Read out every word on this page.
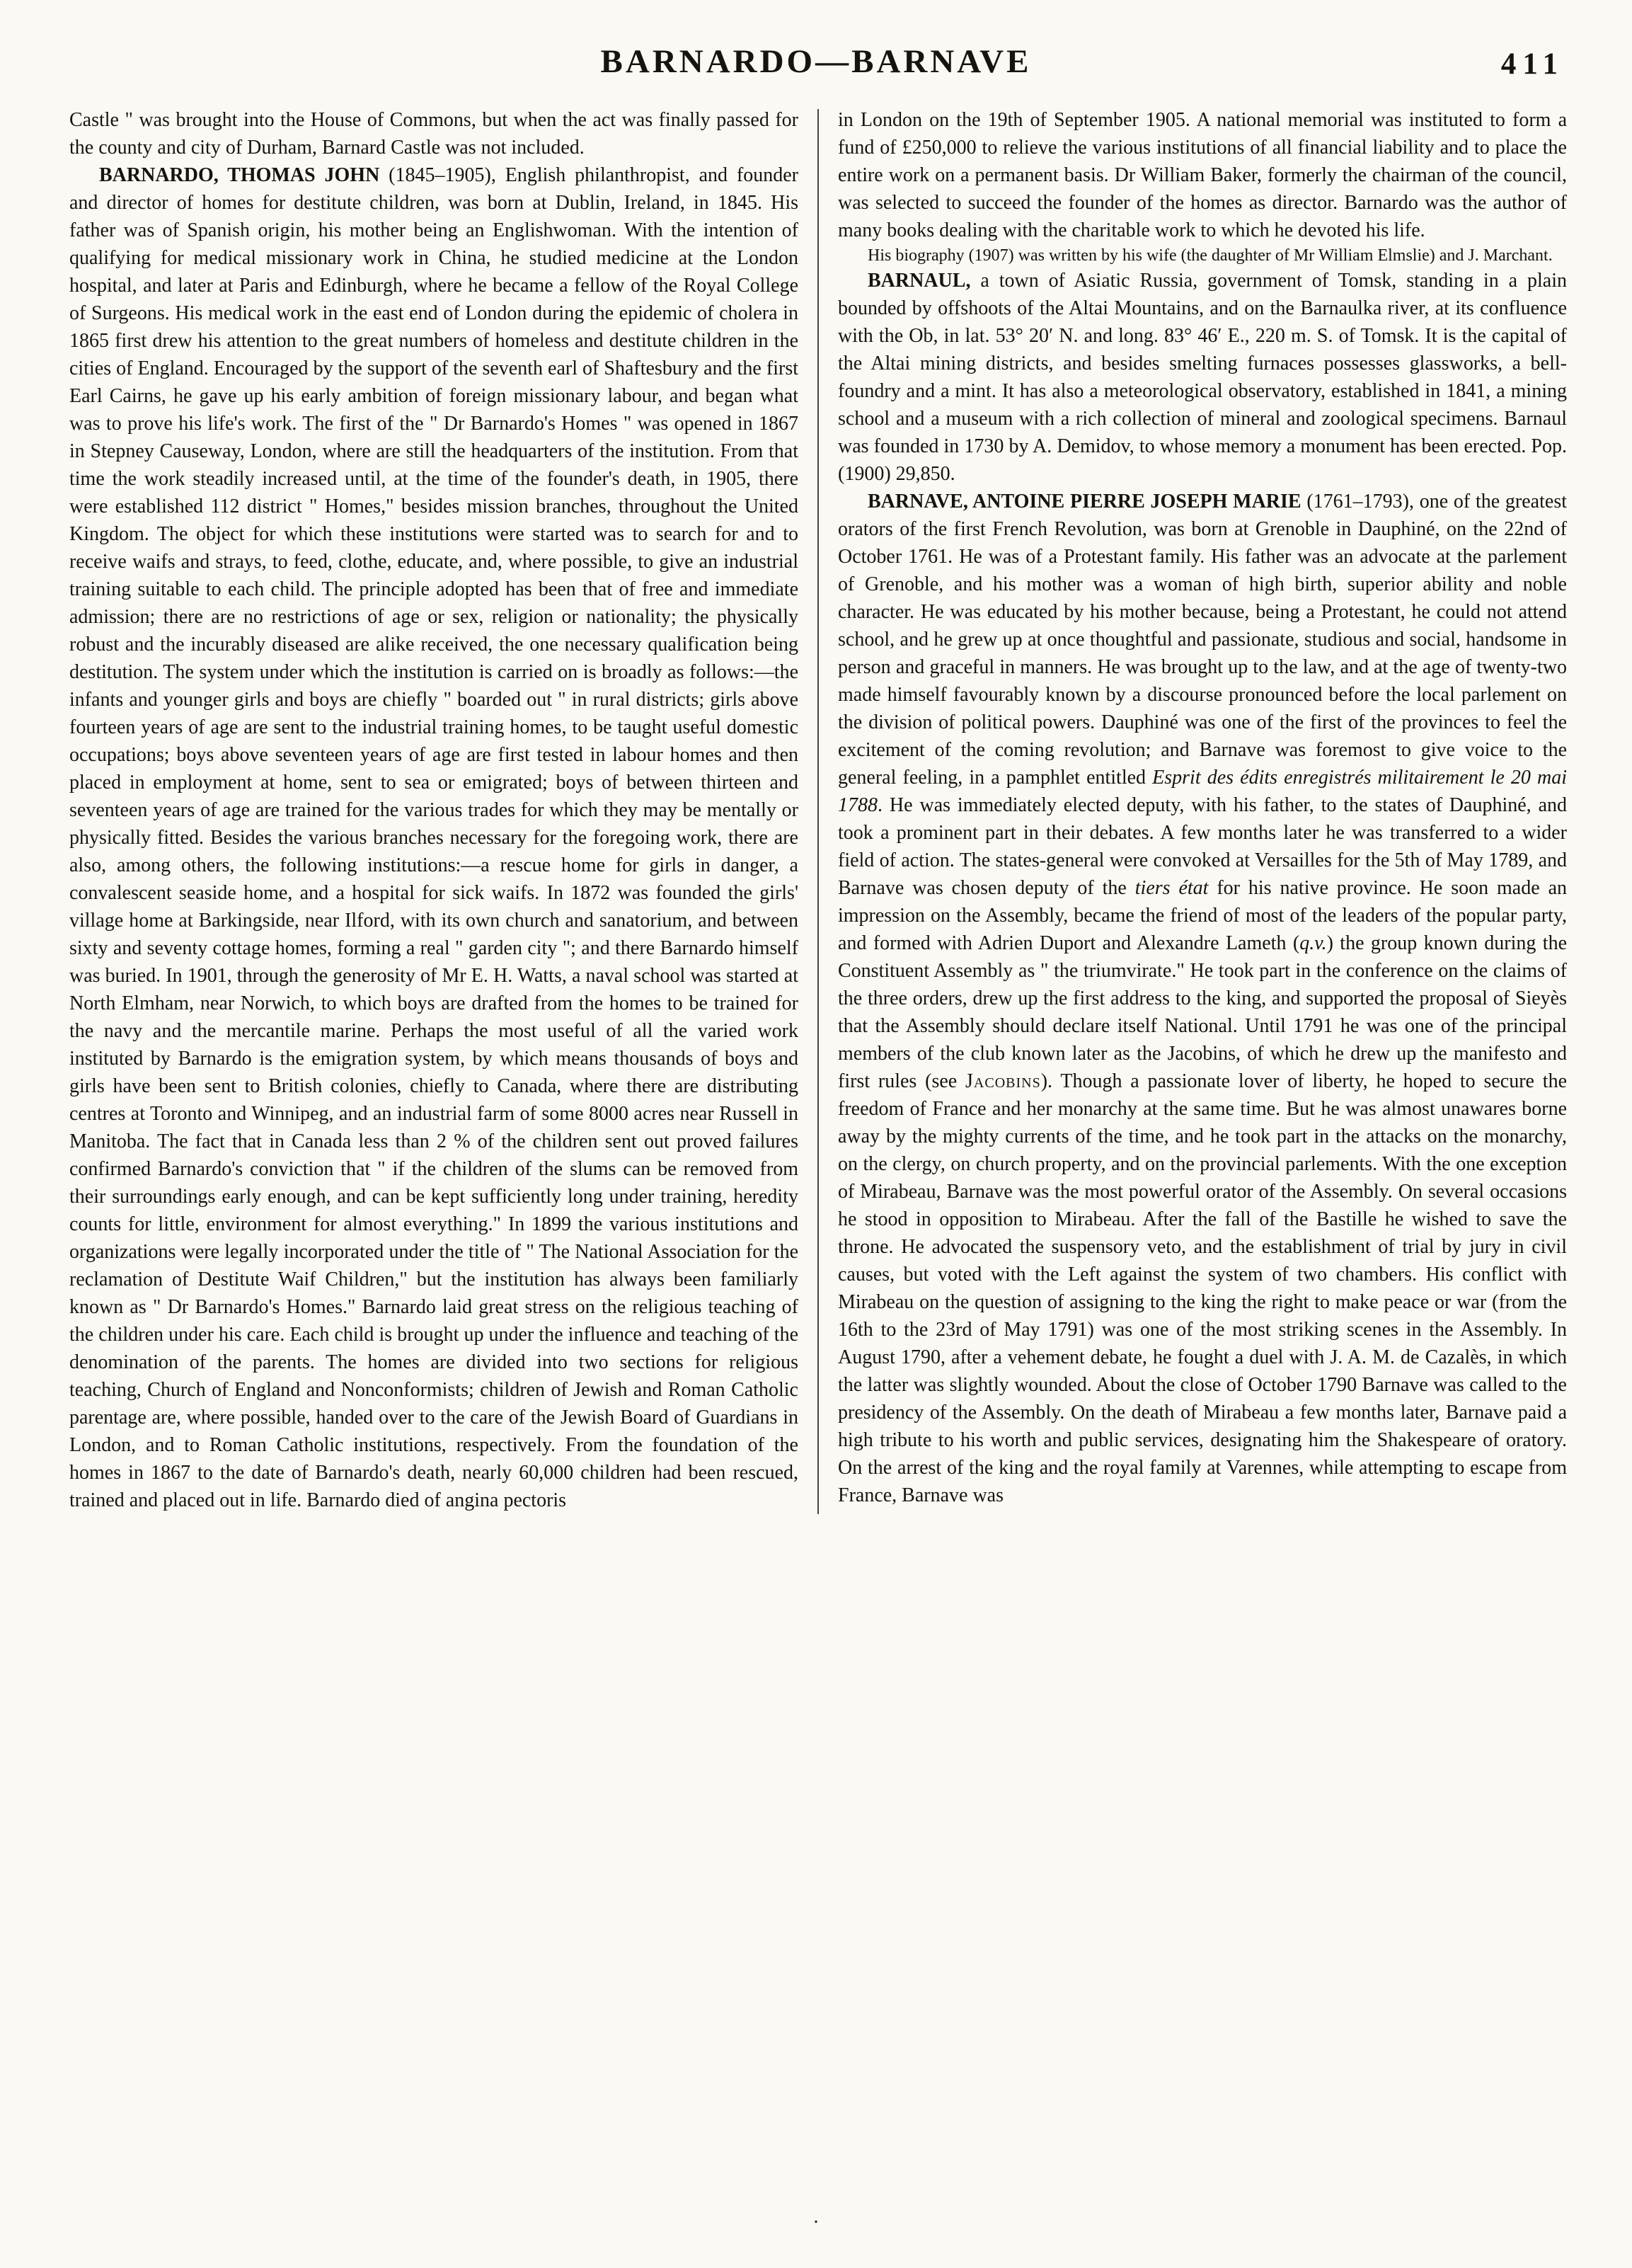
BARNARDO—BARNAVE	411

Castle " was brought into the House of Commons, but when the act was finally passed for the county and city of Durham, Barnard Castle was not included.

BARNARDO, THOMAS JOHN (1845–1905), English philanthropist, and founder and director of homes for destitute children, was born at Dublin, Ireland, in 1845. His father was of Spanish origin, his mother being an Englishwoman. With the intention of qualifying for medical missionary work in China, he studied medicine at the London hospital, and later at Paris and Edinburgh, where he became a fellow of the Royal College of Surgeons. His medical work in the east end of London during the epidemic of cholera in 1865 first drew his attention to the great numbers of homeless and destitute children in the cities of England. Encouraged by the support of the seventh earl of Shaftesbury and the first Earl Cairns, he gave up his early ambition of foreign missionary labour, and began what was to prove his life's work. The first of the " Dr Barnardo's Homes " was opened in 1867 in Stepney Causeway, London, where are still the headquarters of the institution. From that time the work steadily increased until, at the time of the founder's death, in 1905, there were established 112 district " Homes," besides mission branches, throughout the United Kingdom. The object for which these institutions were started was to search for and to receive waifs and strays, to feed, clothe, educate, and, where possible, to give an industrial training suitable to each child. The principle adopted has been that of free and immediate admission; there are no restrictions of age or sex, religion or nationality; the physically robust and the incurably diseased are alike received, the one necessary qualification being destitution. The system under which the institution is carried on is broadly as follows:—the infants and younger girls and boys are chiefly " boarded out " in rural districts; girls above fourteen years of age are sent to the industrial training homes, to be taught useful domestic occupations; boys above seventeen years of age are first tested in labour homes and then placed in employment at home, sent to sea or emigrated; boys of between thirteen and seventeen years of age are trained for the various trades for which they may be mentally or physically fitted. Besides the various branches necessary for the foregoing work, there are also, among others, the following institutions:—a rescue home for girls in danger, a convalescent seaside home, and a hospital for sick waifs. In 1872 was founded the girls' village home at Barkingside, near Ilford, with its own church and sanatorium, and between sixty and seventy cottage homes, forming a real " garden city "; and there Barnardo himself was buried. In 1901, through the generosity of Mr E. H. Watts, a naval school was started at North Elmham, near Norwich, to which boys are drafted from the homes to be trained for the navy and the mercantile marine. Perhaps the most useful of all the varied work instituted by Barnardo is the emigration system, by which means thousands of boys and girls have been sent to British colonies, chiefly to Canada, where there are distributing centres at Toronto and Winnipeg, and an industrial farm of some 8000 acres near Russell in Manitoba. The fact that in Canada less than 2 % of the children sent out proved failures confirmed Barnardo's conviction that " if the children of the slums can be removed from their surroundings early enough, and can be kept sufficiently long under training, heredity counts for little, environment for almost everything." In 1899 the various institutions and organizations were legally incorporated under the title of " The National Association for the reclamation of Destitute Waif Children," but the institution has always been familiarly known as " Dr Barnardo's Homes." Barnardo laid great stress on the religious teaching of the children under his care. Each child is brought up under the influence and teaching of the denomination of the parents. The homes are divided into two sections for religious teaching, Church of England and Nonconformists; children of Jewish and Roman Catholic parentage are, where possible, handed over to the care of the Jewish Board of Guardians in London, and to Roman Catholic institutions, respectively. From the foundation of the homes in 1867 to the date of Barnardo's death, nearly 60,000 children had been rescued, trained and placed out in life. Barnardo died of angina pectoris

in London on the 19th of September 1905. A national memorial was instituted to form a fund of £250,000 to relieve the various institutions of all financial liability and to place the entire work on a permanent basis. Dr William Baker, formerly the chairman of the council, was selected to succeed the founder of the homes as director. Barnardo was the author of many books dealing with the charitable work to which he devoted his life.

His biography (1907) was written by his wife (the daughter of Mr William Elmslie) and J. Marchant.

BARNAUL, a town of Asiatic Russia, government of Tomsk, standing in a plain bounded by offshoots of the Altai Mountains, and on the Barnaulka river, at its confluence with the Ob, in lat. 53° 20′ N. and long. 83° 46′ E., 220 m. S. of Tomsk. It is the capital of the Altai mining districts, and besides smelting furnaces possesses glassworks, a bell-foundry and a mint. It has also a meteorological observatory, established in 1841, a mining school and a museum with a rich collection of mineral and zoological specimens. Barnaul was founded in 1730 by A. Demidov, to whose memory a monument has been erected. Pop. (1900) 29,850.

BARNAVE, ANTOINE PIERRE JOSEPH MARIE (1761–1793), one of the greatest orators of the first French Revolution, was born at Grenoble in Dauphiné, on the 22nd of October 1761. He was of a Protestant family. His father was an advocate at the parlement of Grenoble, and his mother was a woman of high birth, superior ability and noble character. He was educated by his mother because, being a Protestant, he could not attend school, and he grew up at once thoughtful and passionate, studious and social, handsome in person and graceful in manners. He was brought up to the law, and at the age of twenty-two made himself favourably known by a discourse pronounced before the local parlement on the division of political powers. Dauphiné was one of the first of the provinces to feel the excitement of the coming revolution; and Barnave was foremost to give voice to the general feeling, in a pamphlet entitled Esprit des édits enregistrés militairement le 20 mai 1788. He was immediately elected deputy, with his father, to the states of Dauphiné, and took a prominent part in their debates. A few months later he was transferred to a wider field of action. The states-general were convoked at Versailles for the 5th of May 1789, and Barnave was chosen deputy of the tiers état for his native province. He soon made an impression on the Assembly, became the friend of most of the leaders of the popular party, and formed with Adrien Duport and Alexandre Lameth (q.v.) the group known during the Constituent Assembly as " the triumvirate." He took part in the conference on the claims of the three orders, drew up the first address to the king, and supported the proposal of Sieyès that the Assembly should declare itself National. Until 1791 he was one of the principal members of the club known later as the Jacobins, of which he drew up the manifesto and first rules (see Jacobins). Though a passionate lover of liberty, he hoped to secure the freedom of France and her monarchy at the same time. But he was almost unawares borne away by the mighty currents of the time, and he took part in the attacks on the monarchy, on the clergy, on church property, and on the provincial parlements. With the one exception of Mirabeau, Barnave was the most powerful orator of the Assembly. On several occasions he stood in opposition to Mirabeau. After the fall of the Bastille he wished to save the throne. He advocated the suspensory veto, and the establishment of trial by jury in civil causes, but voted with the Left against the system of two chambers. His conflict with Mirabeau on the question of assigning to the king the right to make peace or war (from the 16th to the 23rd of May 1791) was one of the most striking scenes in the Assembly. In August 1790, after a vehement debate, he fought a duel with J. A. M. de Cazalès, in which the latter was slightly wounded. About the close of October 1790 Barnave was called to the presidency of the Assembly. On the death of Mirabeau a few months later, Barnave paid a high tribute to his worth and public services, designating him the Shakespeare of oratory. On the arrest of the king and the royal family at Varennes, while attempting to escape from France, Barnave was

.
